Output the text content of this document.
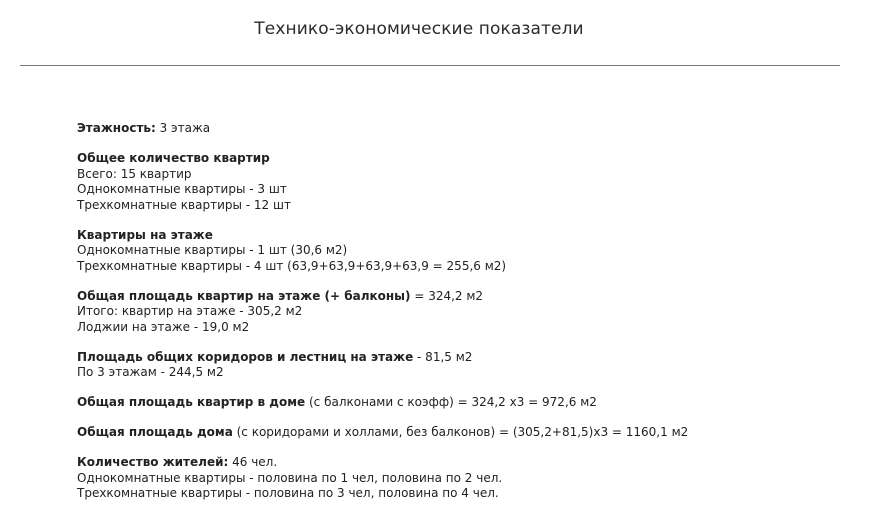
Технико-экономические показатели
Этажность: 3 этажа
Общее количество квартир
Всего: 15 квартир
Однокомнатные квартиры - 3 шт
Трехкомнатные квартиры - 12 шт
Квартиры на этаже
Однокомнатные квартиры - 1 шт (30,6 м2)
Трехкомнатные квартиры - 4 шт (63,9+63,9+63,9+63,9 = 255,6 м2)
Общая площадь квартир на этаже (+ балконы) = 324,2 м2
Итого: квартир на этаже - 305,2 м2
Лоджии на этаже - 19,0 м2
Площадь общих коридоров и лестниц на этаже - 81,5 м2
По 3 этажам - 244,5 м2
Общая площадь квартир в доме (с балконами с коэфф) = 324,2 х3 = 972,6 м2
Общая площадь дома (с коридорами и холлами, без балконов) = (305,2+81,5)х3 = 1160,1 м2
Количество жителей: 46 чел.
Однокомнатные квартиры - половина по 1 чел, половина по 2 чел.
Трехкомнатные квартиры - половина по 3 чел, половина по 4 чел.
